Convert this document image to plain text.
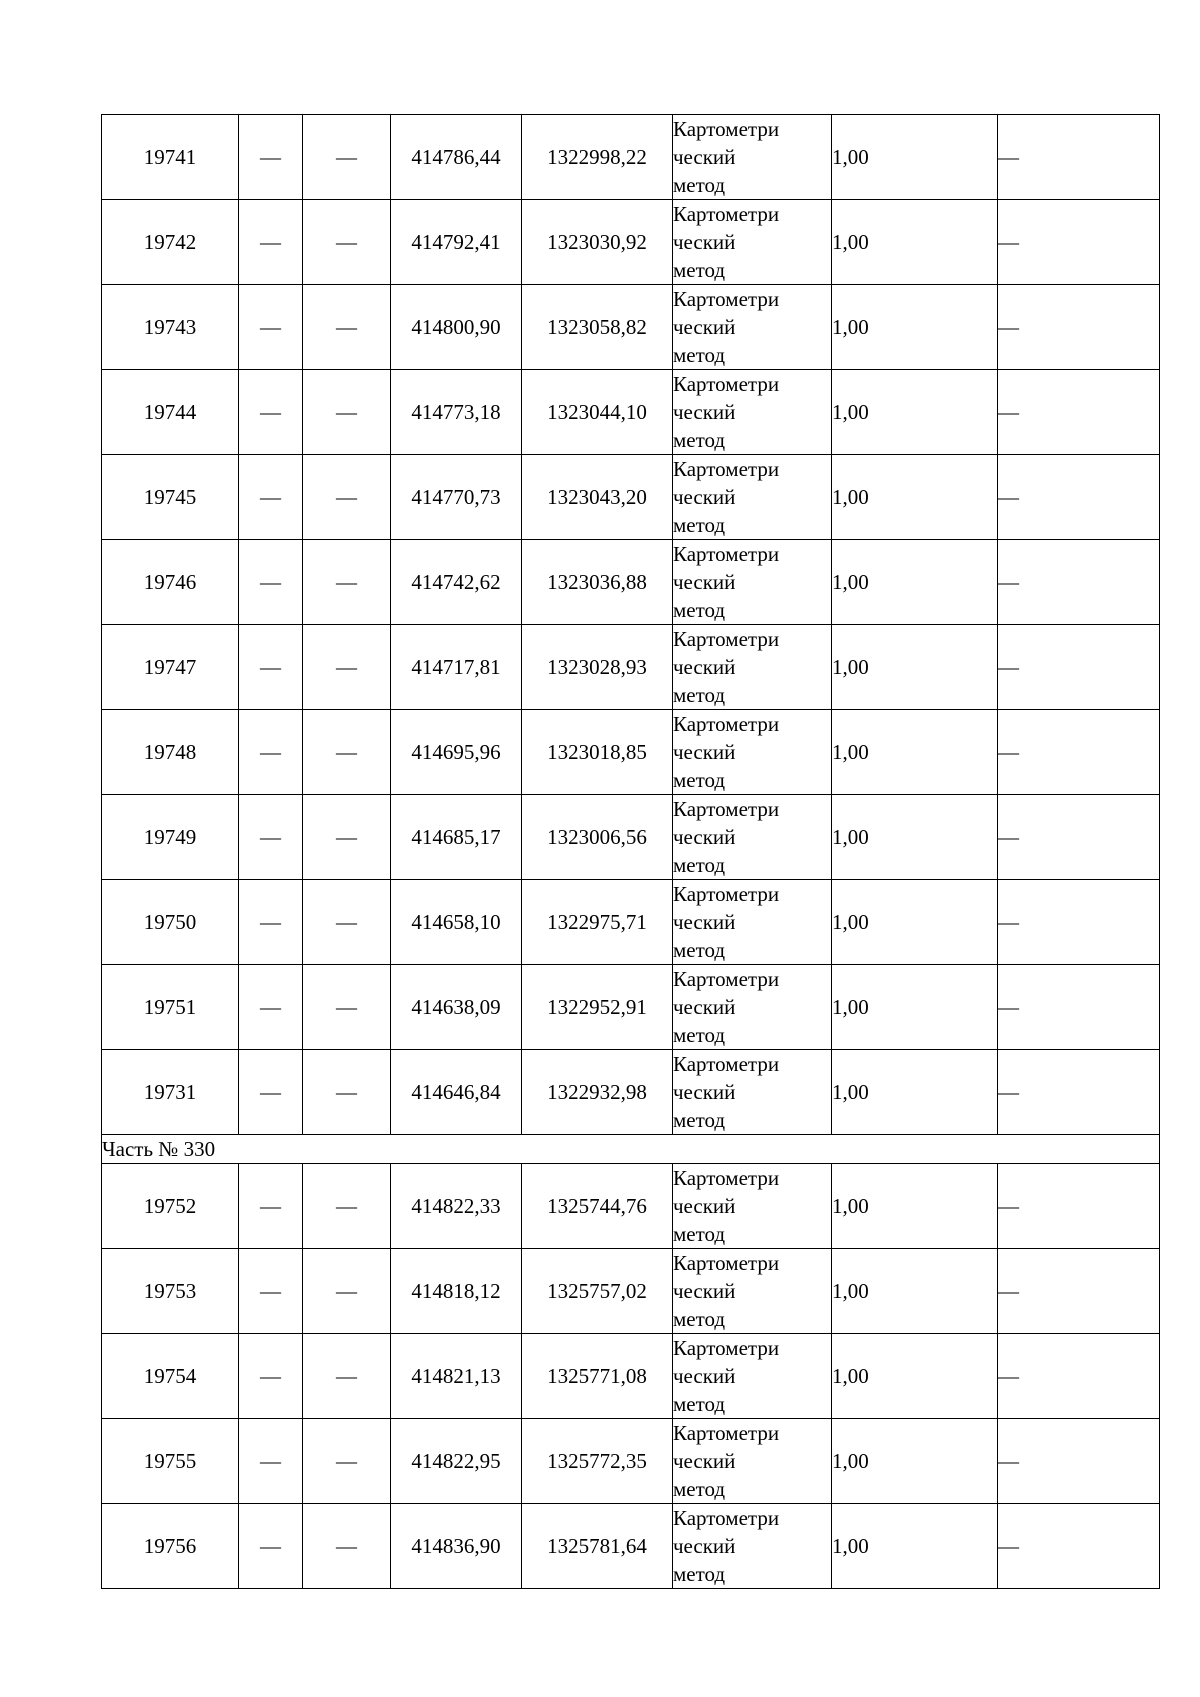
19741	—	—	414786,44	1322998,22	Картометри
ческий
метод	1,00	—
19742	—	—	414792,41	1323030,92	Картометри
ческий
метод	1,00	—
19743	—	—	414800,90	1323058,82	Картометри
ческий
метод	1,00	—
19744	—	—	414773,18	1323044,10	Картометри
ческий
метод	1,00	—
19745	—	—	414770,73	1323043,20	Картометри
ческий
метод	1,00	—
19746	—	—	414742,62	1323036,88	Картометри
ческий
метод	1,00	—
19747	—	—	414717,81	1323028,93	Картометри
ческий
метод	1,00	—
19748	—	—	414695,96	1323018,85	Картометри
ческий
метод	1,00	—
19749	—	—	414685,17	1323006,56	Картометри
ческий
метод	1,00	—
19750	—	—	414658,10	1322975,71	Картометри
ческий
метод	1,00	—
19751	—	—	414638,09	1322952,91	Картометри
ческий
метод	1,00	—
19731	—	—	414646,84	1322932,98	Картометри
ческий
метод	1,00	—
Часть № 330							
19752	—	—	414822,33	1325744,76	Картометри
ческий
метод	1,00	—
19753	—	—	414818,12	1325757,02	Картометри
ческий
метод	1,00	—
19754	—	—	414821,13	1325771,08	Картометри
ческий
метод	1,00	—
19755	—	—	414822,95	1325772,35	Картометри
ческий
метод	1,00	—
19756	—	—	414836,90	1325781,64	Картометри
ческий
метод	1,00	—
